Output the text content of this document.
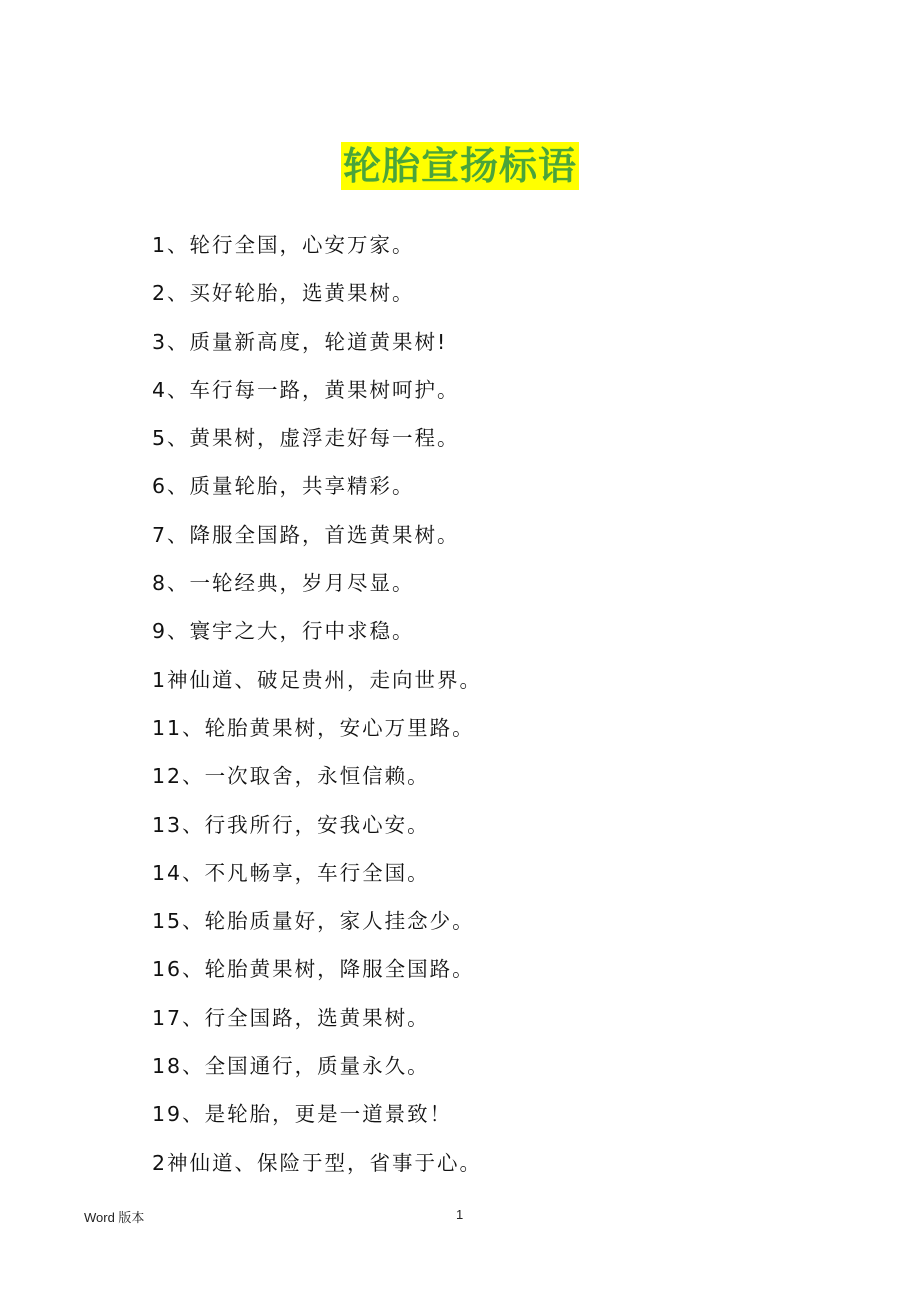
轮胎宣扬标语
1、轮行全国，心安万家。
2、买好轮胎，选黄果树。
3、质量新高度，轮道黄果树!
4、车行每一路，黄果树呵护。
5、黄果树，虚浮走好每一程。
6、质量轮胎，共享精彩。
7、降服全国路，首选黄果树。
8、一轮经典，岁月尽显。
9、寰宇之大，行中求稳。
1神仙道、破足贵州，走向世界。
11、轮胎黄果树，安心万里路。
12、一次取舍，永恒信赖。
13、行我所行，安我心安。
14、不凡畅享，车行全国。
15、轮胎质量好，家人挂念少。
16、轮胎黄果树，降服全国路。
17、行全国路，选黄果树。
18、全国通行，质量永久。
19、是轮胎，更是一道景致！
2神仙道、保险于型，省事于心。
Word 版本	1
